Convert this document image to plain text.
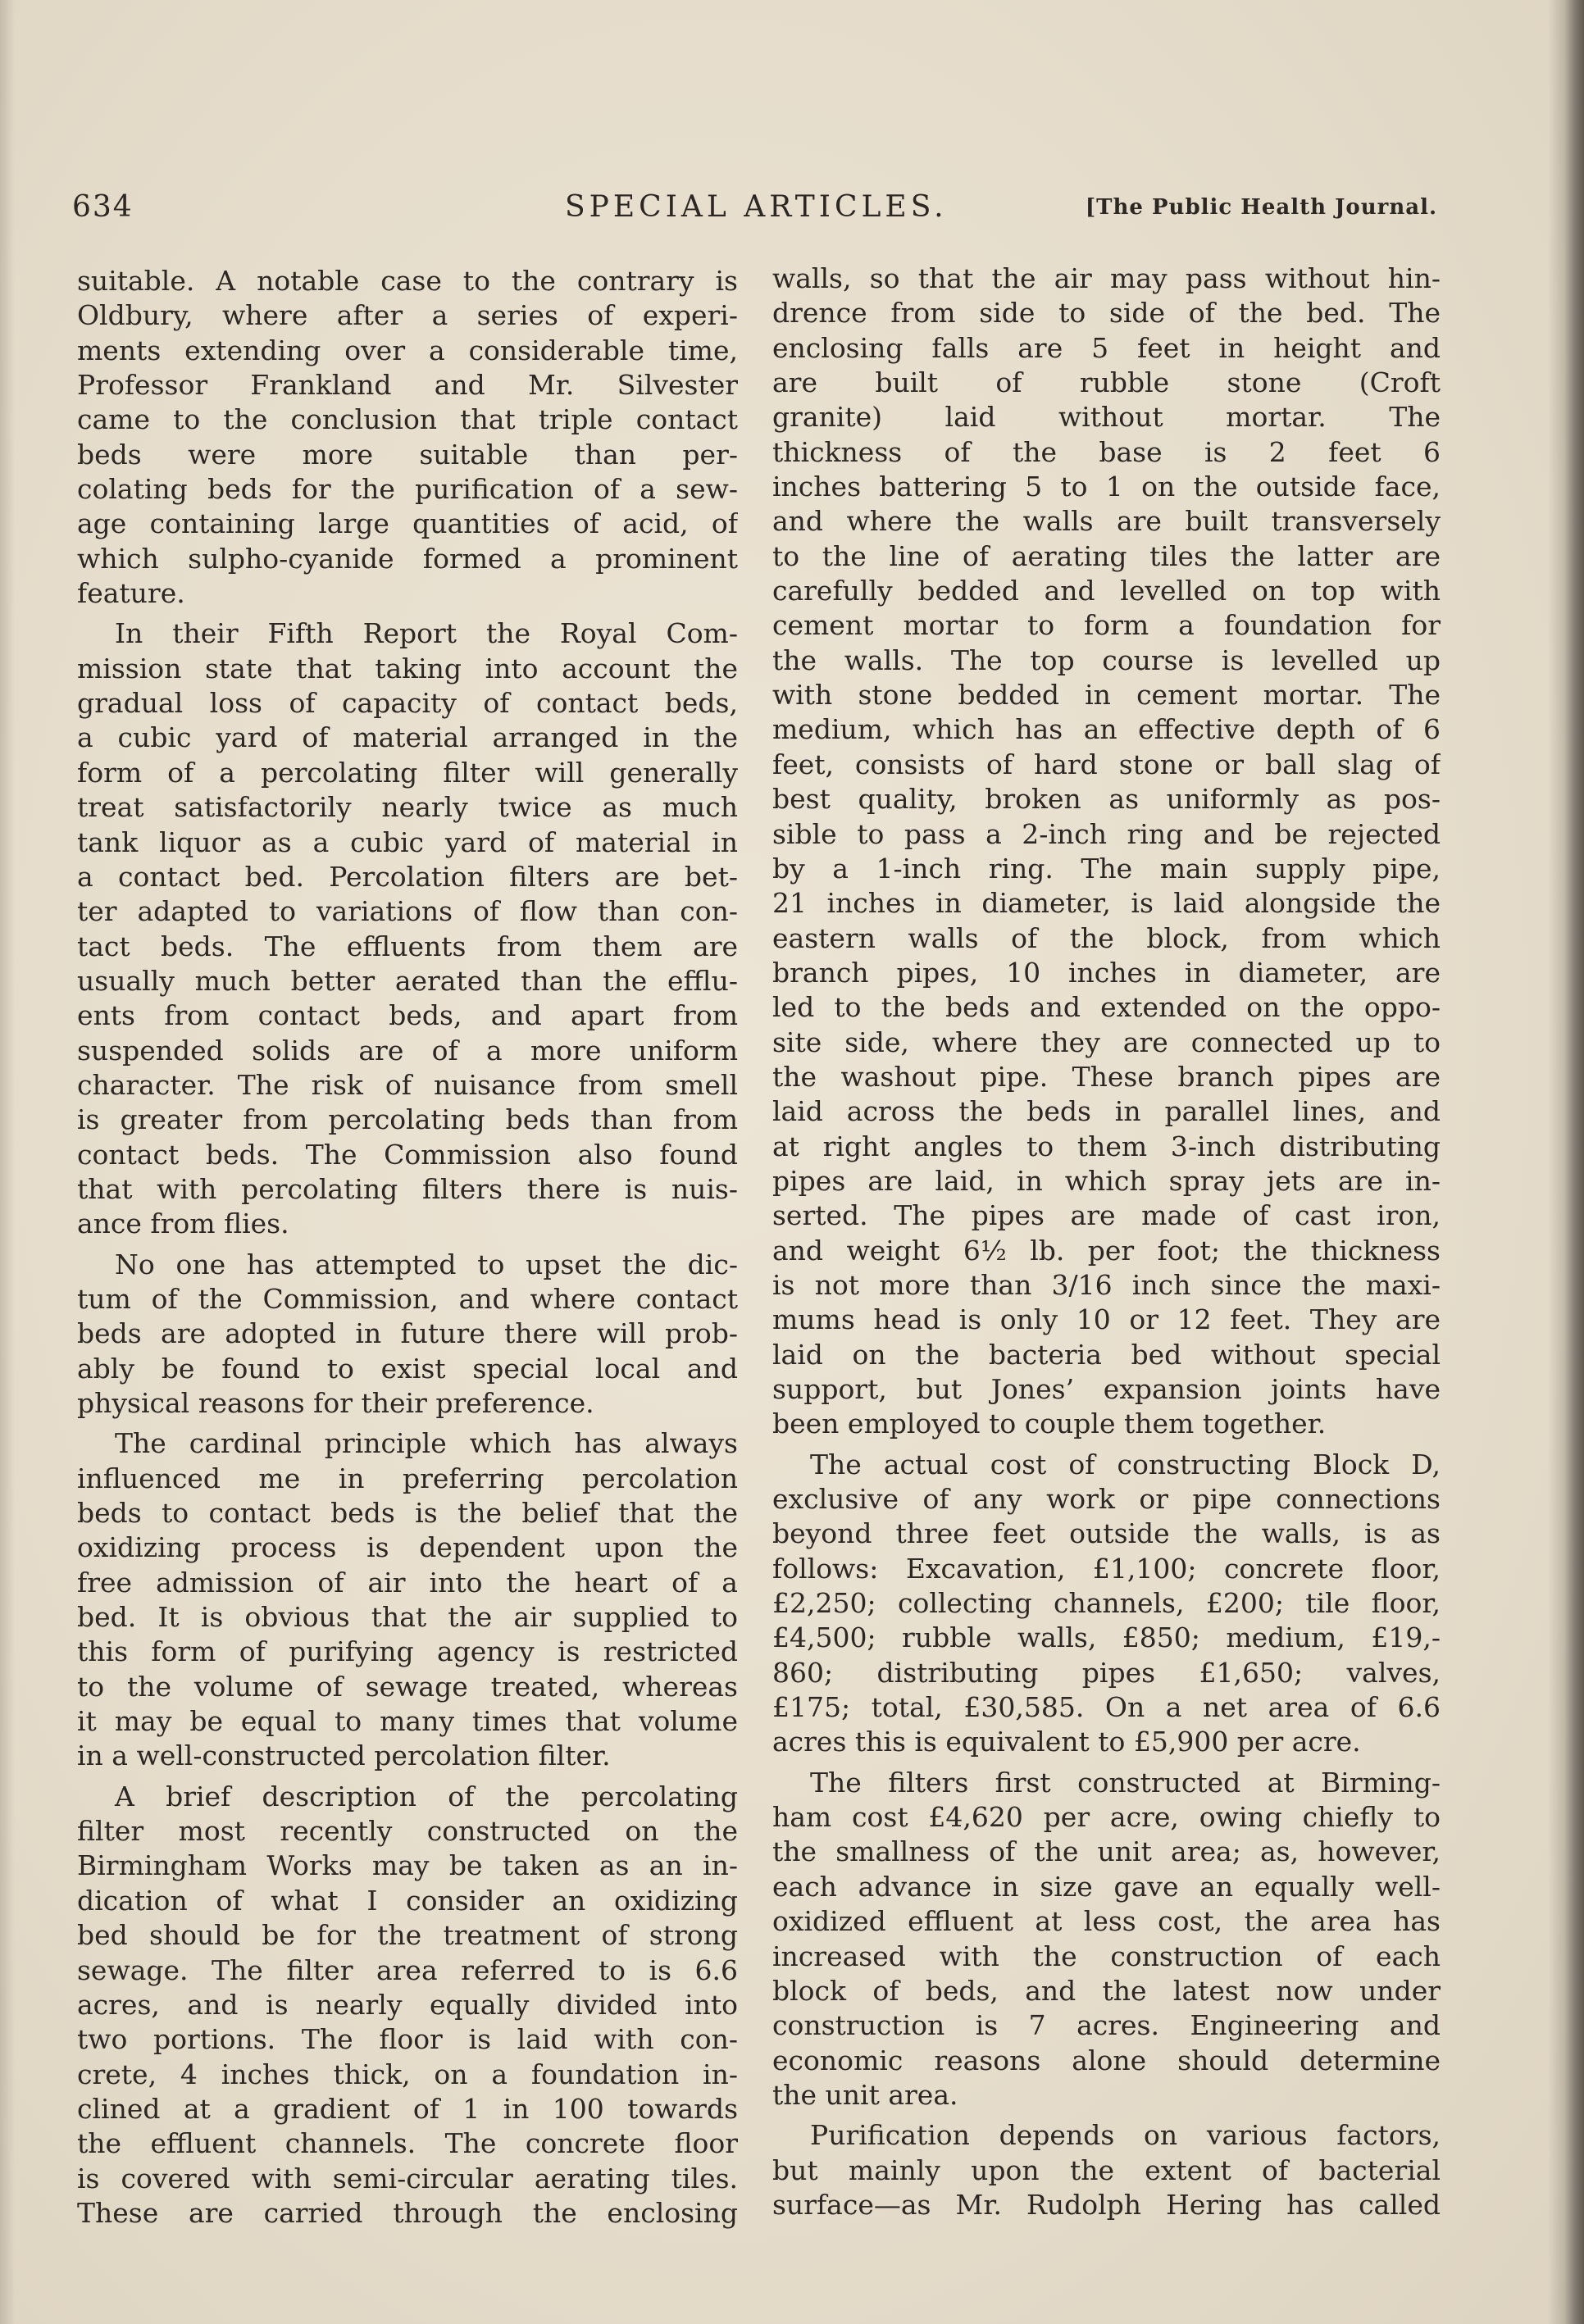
634	SPECIAL ARTICLES.	[The Public Health Journal.
suitable. A notable case to the contrary is
Oldbury, where after a series of experi-
ments extending over a considerable time,
Professor Frankland and Mr. Silvester
came to the conclusion that triple contact
beds were more suitable than per-
colating beds for the purification of a sew-
age containing large quantities of acid, of
which sulpho-cyanide formed a prominent
feature.
In their Fifth Report the Royal Com-
mission state that taking into account the
gradual loss of capacity of contact beds,
a cubic yard of material arranged in the
form of a percolating filter will generally
treat satisfactorily nearly twice as much
tank liquor as a cubic yard of material in
a contact bed. Percolation filters are bet-
ter adapted to variations of flow than con-
tact beds. The effluents from them are
usually much better aerated than the efflu-
ents from contact beds, and apart from
suspended solids are of a more uniform
character. The risk of nuisance from smell
is greater from percolating beds than from
contact beds. The Commission also found
that with percolating filters there is nuis-
ance from flies.
No one has attempted to upset the dic-
tum of the Commission, and where contact
beds are adopted in future there will prob-
ably be found to exist special local and
physical reasons for their preference.
The cardinal principle which has always
influenced me in preferring percolation
beds to contact beds is the belief that the
oxidizing process is dependent upon the
free admission of air into the heart of a
bed. It is obvious that the air supplied to
this form of purifying agency is restricted
to the volume of sewage treated, whereas
it may be equal to many times that volume
in a well-constructed percolation filter.
A brief description of the percolating
filter most recently constructed on the
Birmingham Works may be taken as an in-
dication of what I consider an oxidizing
bed should be for the treatment of strong
sewage. The filter area referred to is 6.6
acres, and is nearly equally divided into
two portions. The floor is laid with con-
crete, 4 inches thick, on a foundation in-
clined at a gradient of 1 in 100 towards
the effluent channels. The concrete floor
is covered with semi-circular aerating tiles.
These are carried through the enclosing
walls, so that the air may pass without hin-
drence from side to side of the bed. The
enclosing falls are 5 feet in height and
are built of rubble stone (Croft
granite) laid without mortar. The
thickness of the base is 2 feet 6
inches battering 5 to 1 on the outside face,
and where the walls are built transversely
to the line of aerating tiles the latter are
carefully bedded and levelled on top with
cement mortar to form a foundation for
the walls. The top course is levelled up
with stone bedded in cement mortar. The
medium, which has an effective depth of 6
feet, consists of hard stone or ball slag of
best quality, broken as uniformly as pos-
sible to pass a 2-inch ring and be rejected
by a 1-inch ring. The main supply pipe,
21 inches in diameter, is laid alongside the
eastern walls of the block, from which
branch pipes, 10 inches in diameter, are
led to the beds and extended on the oppo-
site side, where they are connected up to
the washout pipe. These branch pipes are
laid across the beds in parallel lines, and
at right angles to them 3-inch distributing
pipes are laid, in which spray jets are in-
serted. The pipes are made of cast iron,
and weight 6½ lb. per foot; the thickness
is not more than 3/16 inch since the maxi-
mums head is only 10 or 12 feet. They are
laid on the bacteria bed without special
support, but Jones’ expansion joints have
been employed to couple them together.
The actual cost of constructing Block D,
exclusive of any work or pipe connections
beyond three feet outside the walls, is as
follows: Excavation, £1,100; concrete floor,
£2,250; collecting channels, £200; tile floor,
£4,500; rubble walls, £850; medium, £19,-
860; distributing pipes £1,650; valves,
£175; total, £30,585. On a net area of 6.6
acres this is equivalent to £5,900 per acre.
The filters first constructed at Birming-
ham cost £4,620 per acre, owing chiefly to
the smallness of the unit area; as, however,
each advance in size gave an equally well-
oxidized effluent at less cost, the area has
increased with the construction of each
block of beds, and the latest now under
construction is 7 acres. Engineering and
economic reasons alone should determine
the unit area.
Purification depends on various factors,
but mainly upon the extent of bacterial
surface—as Mr. Rudolph Hering has called
